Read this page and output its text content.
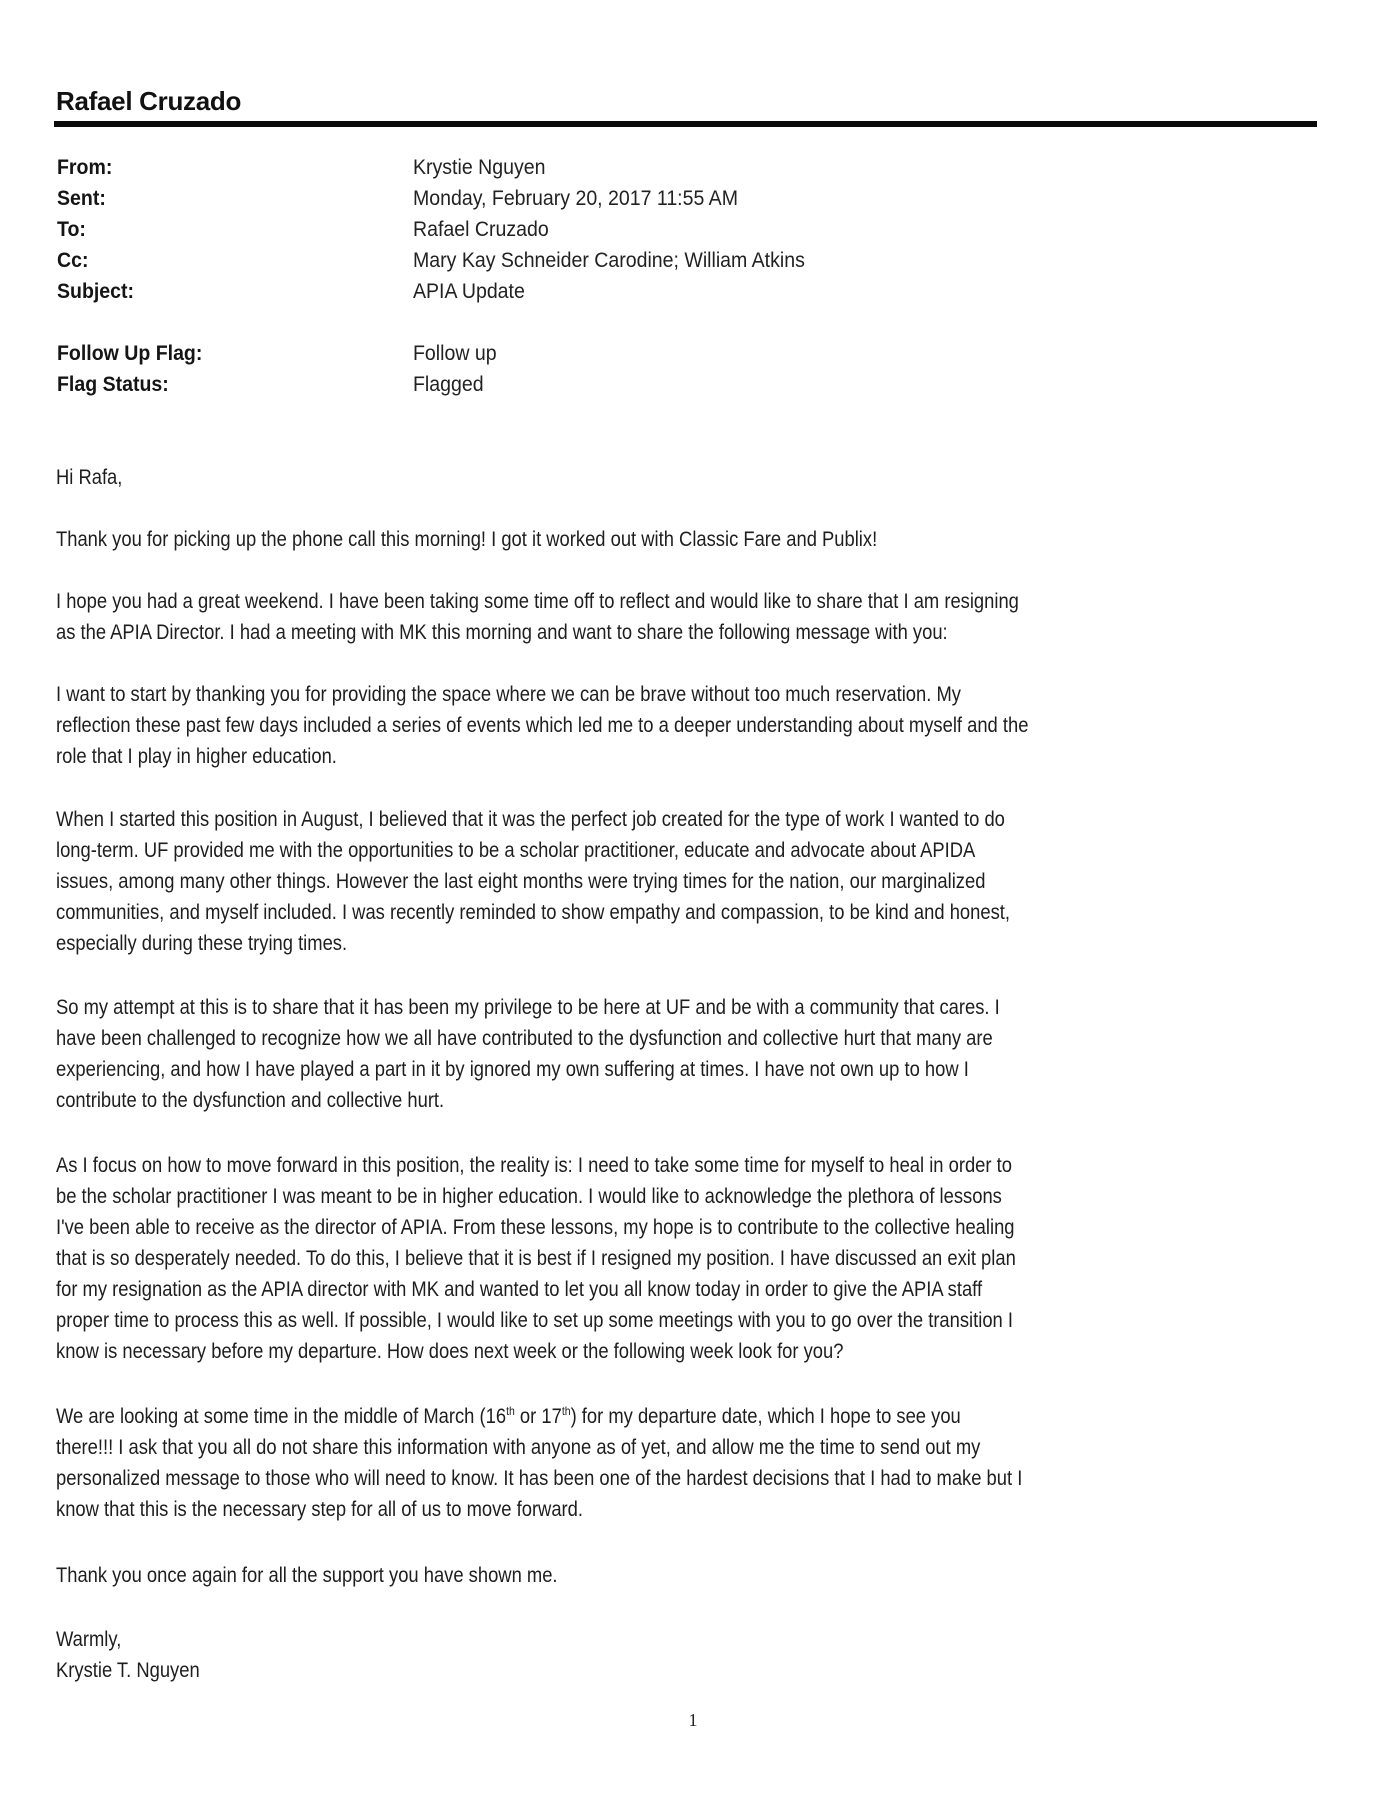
Rafael Cruzado
From:	Krystie Nguyen
Sent:	Monday, February 20, 2017 11:55 AM
To:	Rafael Cruzado
Cc:	Mary Kay Schneider Carodine; William Atkins
Subject:	APIA Update
Follow Up Flag:	Follow up
Flag Status:	Flagged
Hi Rafa,
Thank you for picking up the phone call this morning! I got it worked out with Classic Fare and Publix!
I hope you had a great weekend. I have been taking some time off to reflect and would like to share that I am resigning
as the APIA Director. I had a meeting with MK this morning and want to share the following message with you:
I want to start by thanking you for providing the space where we can be brave without too much reservation. My
reflection these past few days included a series of events which led me to a deeper understanding about myself and the
role that I play in higher education.
When I started this position in August, I believed that it was the perfect job created for the type of work I wanted to do
long-term. UF provided me with the opportunities to be a scholar practitioner, educate and advocate about APIDA
issues, among many other things. However the last eight months were trying times for the nation, our marginalized
communities, and myself included. I was recently reminded to show empathy and compassion, to be kind and honest,
especially during these trying times.
So my attempt at this is to share that it has been my privilege to be here at UF and be with a community that cares. I
have been challenged to recognize how we all have contributed to the dysfunction and collective hurt that many are
experiencing, and how I have played a part in it by ignored my own suffering at times. I have not own up to how I
contribute to the dysfunction and collective hurt.
As I focus on how to move forward in this position, the reality is: I need to take some time for myself to heal in order to
be the scholar practitioner I was meant to be in higher education. I would like to acknowledge the plethora of lessons
I've been able to receive as the director of APIA. From these lessons, my hope is to contribute to the collective healing
that is so desperately needed. To do this, I believe that it is best if I resigned my position. I have discussed an exit plan
for my resignation as the APIA director with MK and wanted to let you all know today in order to give the APIA staff
proper time to process this as well. If possible, I would like to set up some meetings with you to go over the transition I
know is necessary before my departure. How does next week or the following week look for you?
We are looking at some time in the middle of March (16th or 17th) for my departure date, which I hope to see you
there!!! I ask that you all do not share this information with anyone as of yet, and allow me the time to send out my
personalized message to those who will need to know. It has been one of the hardest decisions that I had to make but I
know that this is the necessary step for all of us to move forward.
Thank you once again for all the support you have shown me.
Warmly,
Krystie T. Nguyen
1
